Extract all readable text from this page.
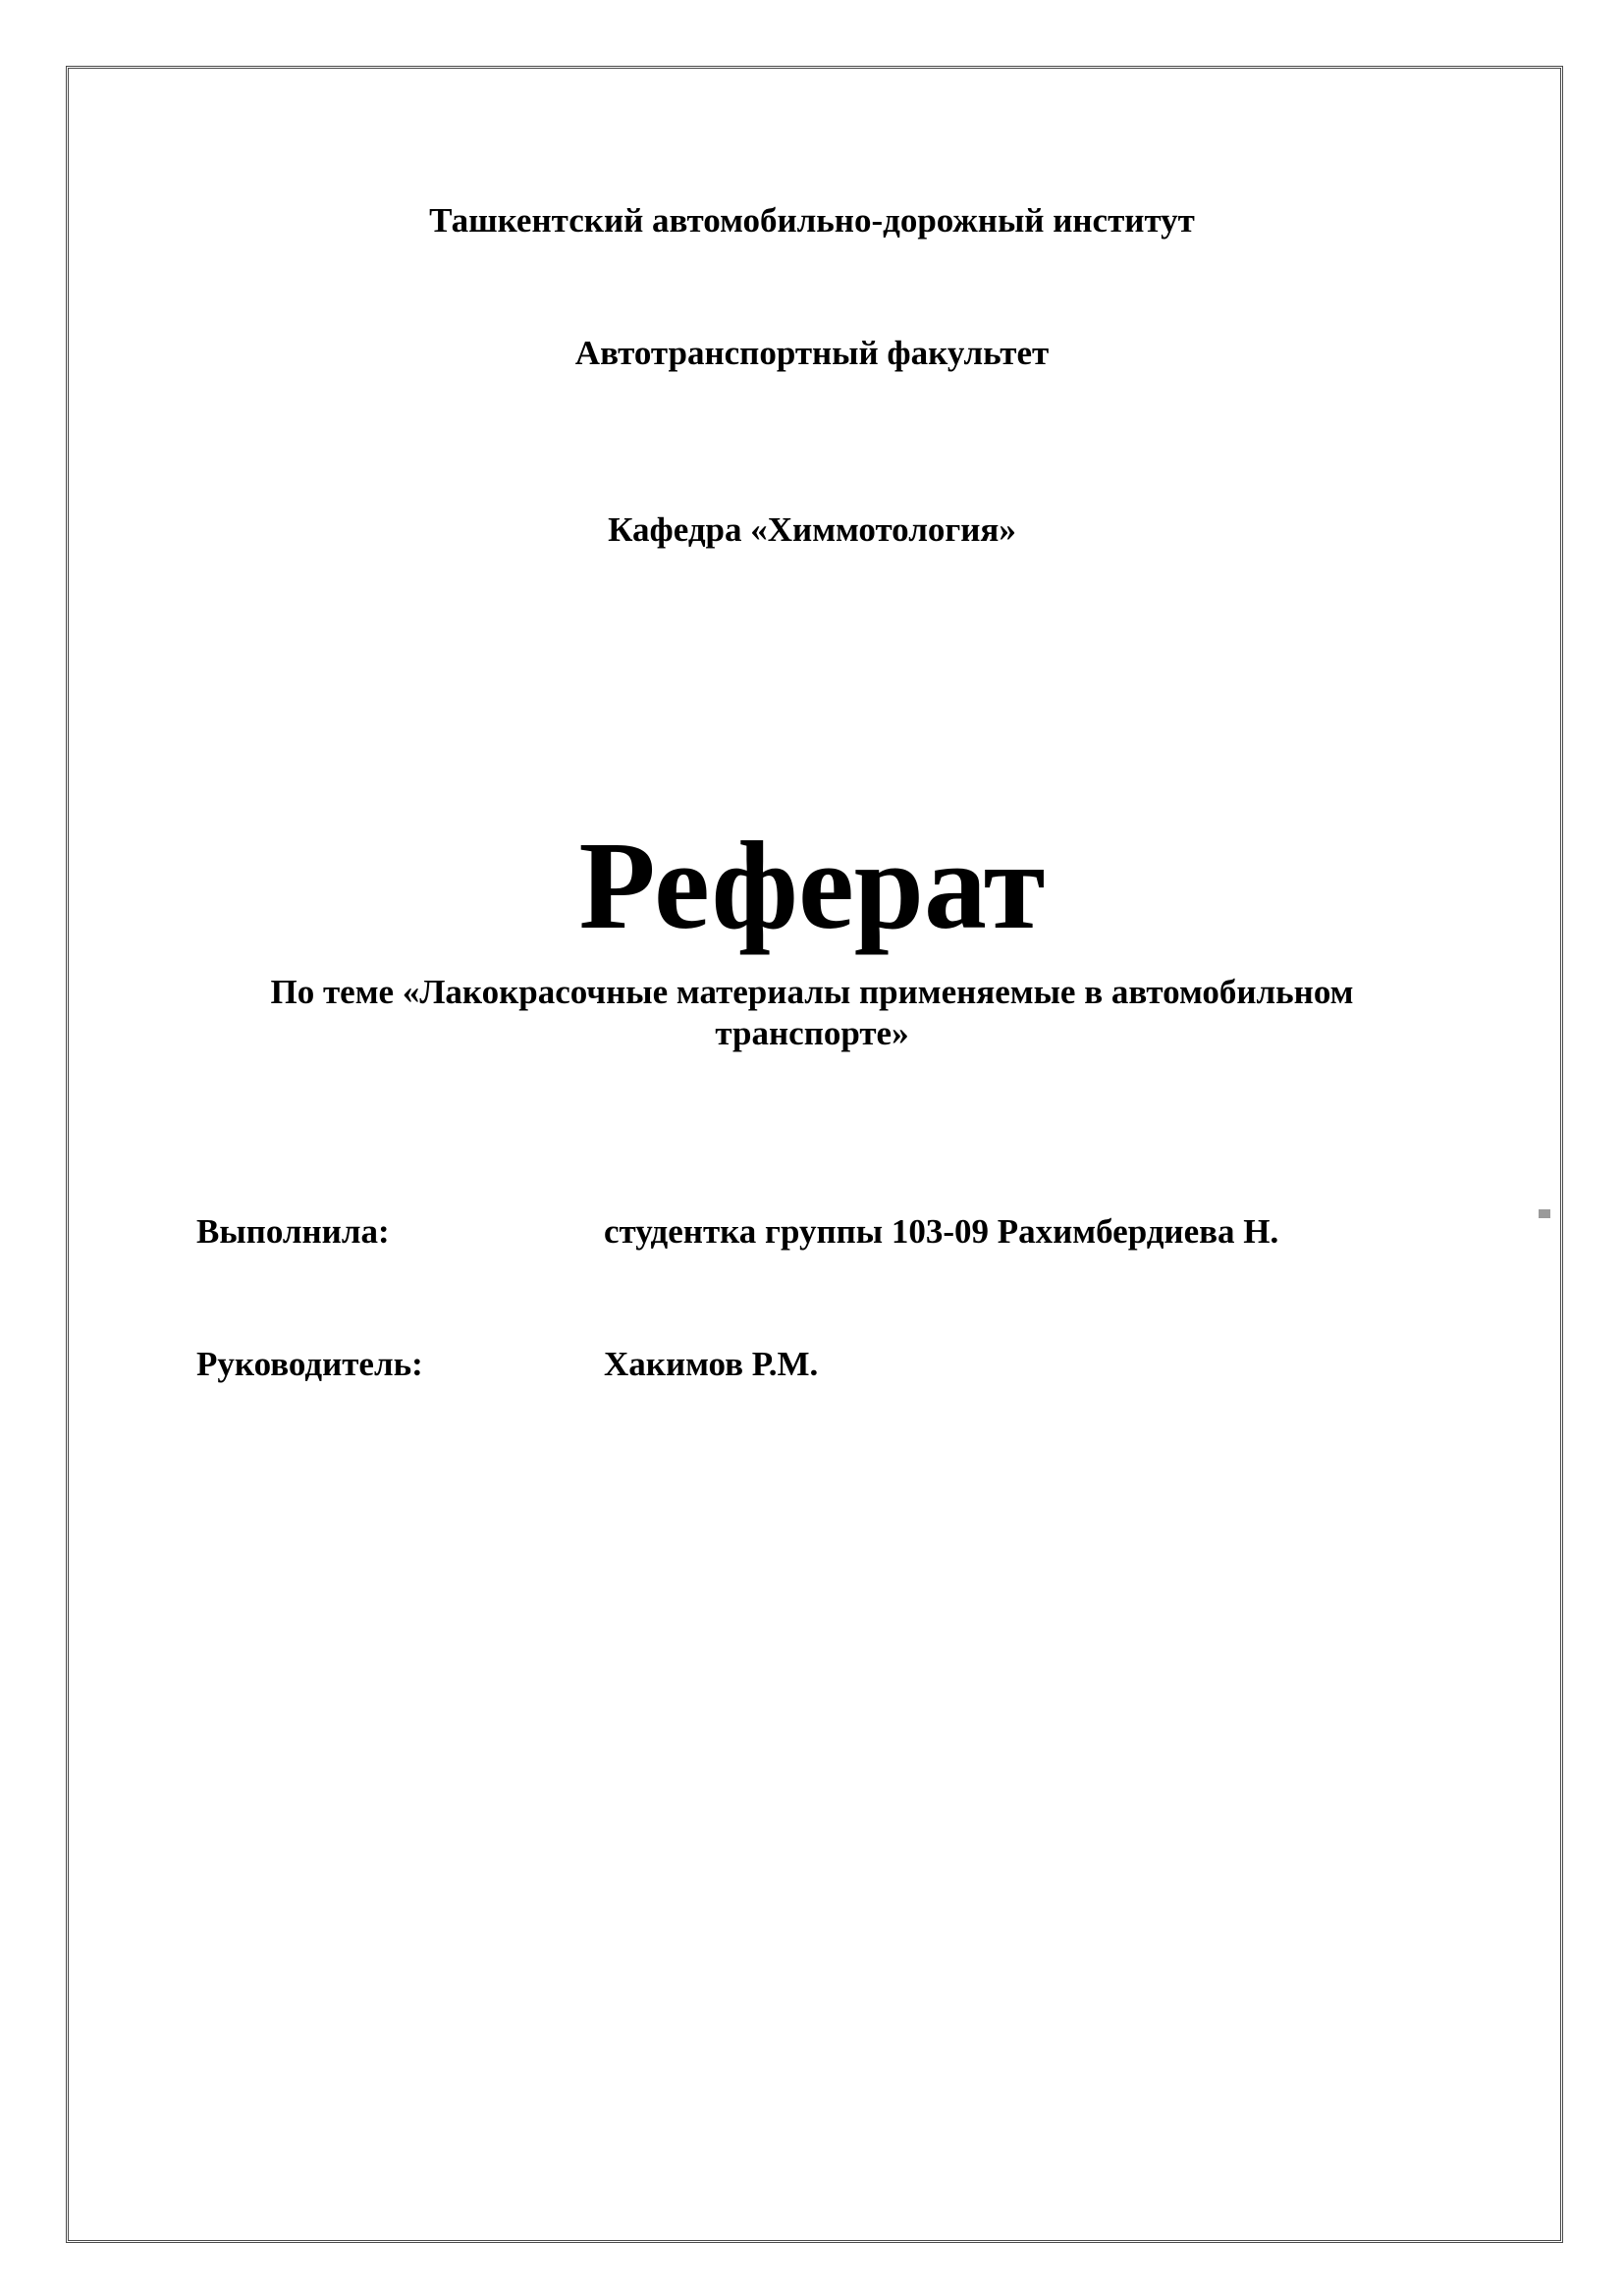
Ташкентский автомобильно-дорожный институт
Автотранспортный факультет
Кафедра «Химмотология»
Реферат
По теме «Лакокрасочные материалы применяемые в автомобильном
транспорте»
Выполнила:	студентка группы 103-09 Рахимбердиева Н.
Руководитель:	Хакимов Р.М.
